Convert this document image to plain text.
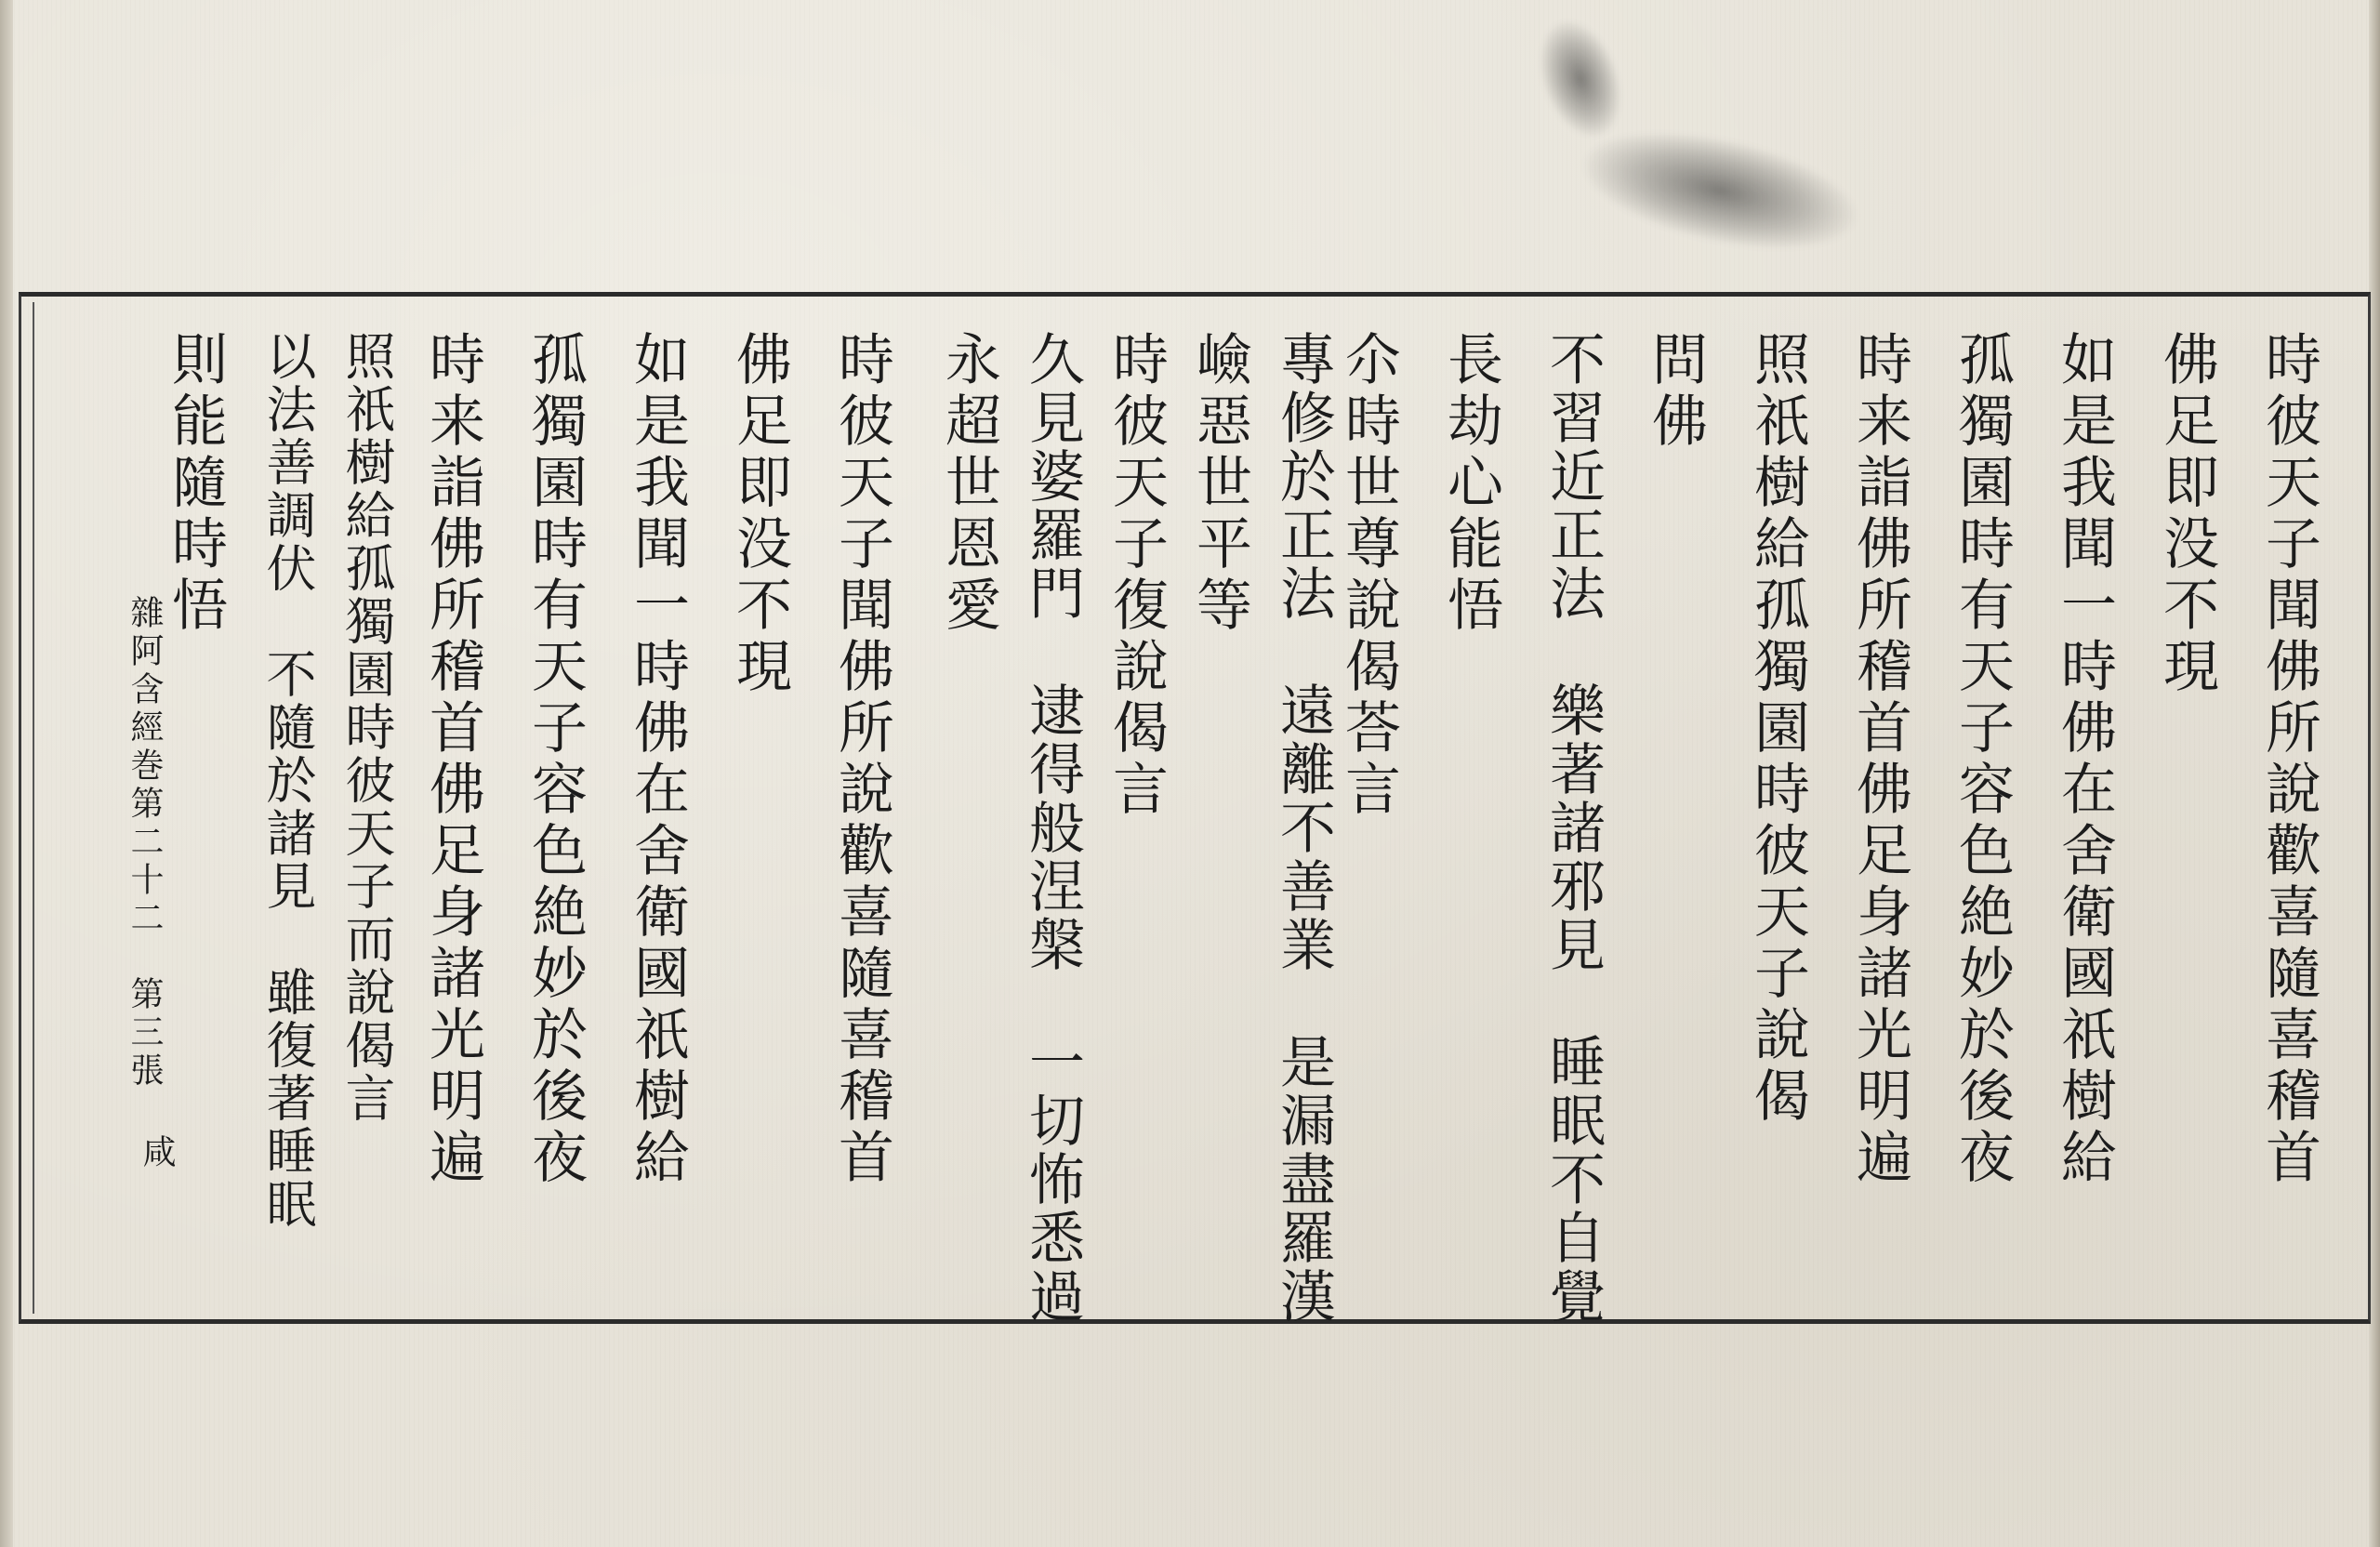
時彼天子聞佛所說歡喜隨喜稽首
佛足即没不現
如是我聞一時佛在舍衛國祇樹給
孤獨園時有天子容色絶妙於後夜
時来詣佛所稽首佛足身諸光明遍
照祇樹給孤獨園時彼天子說偈
問佛
不習近正法　樂著諸邪見　睡眠不自覺
長劫心能悟
尒時世尊說偈荅言
專修於正法　遠離不善業　是漏盡羅漢
嶮惡世平等
時彼天子復說偈言
久見婆羅門　逮得般涅槃　一切怖悉過
永超世恩愛
時彼天子聞佛所說歡喜隨喜稽首
佛足即没不現
如是我聞一時佛在舍衛國祇樹給
孤獨園時有天子容色絶妙於後夜
時来詣佛所稽首佛足身諸光明遍
照祇樹給孤獨園時彼天子而說偈言
以法善調伏　不隨於諸見　雖復著睡眠
則能隨時悟
雜阿含經巻第二十二　第三張
咸
